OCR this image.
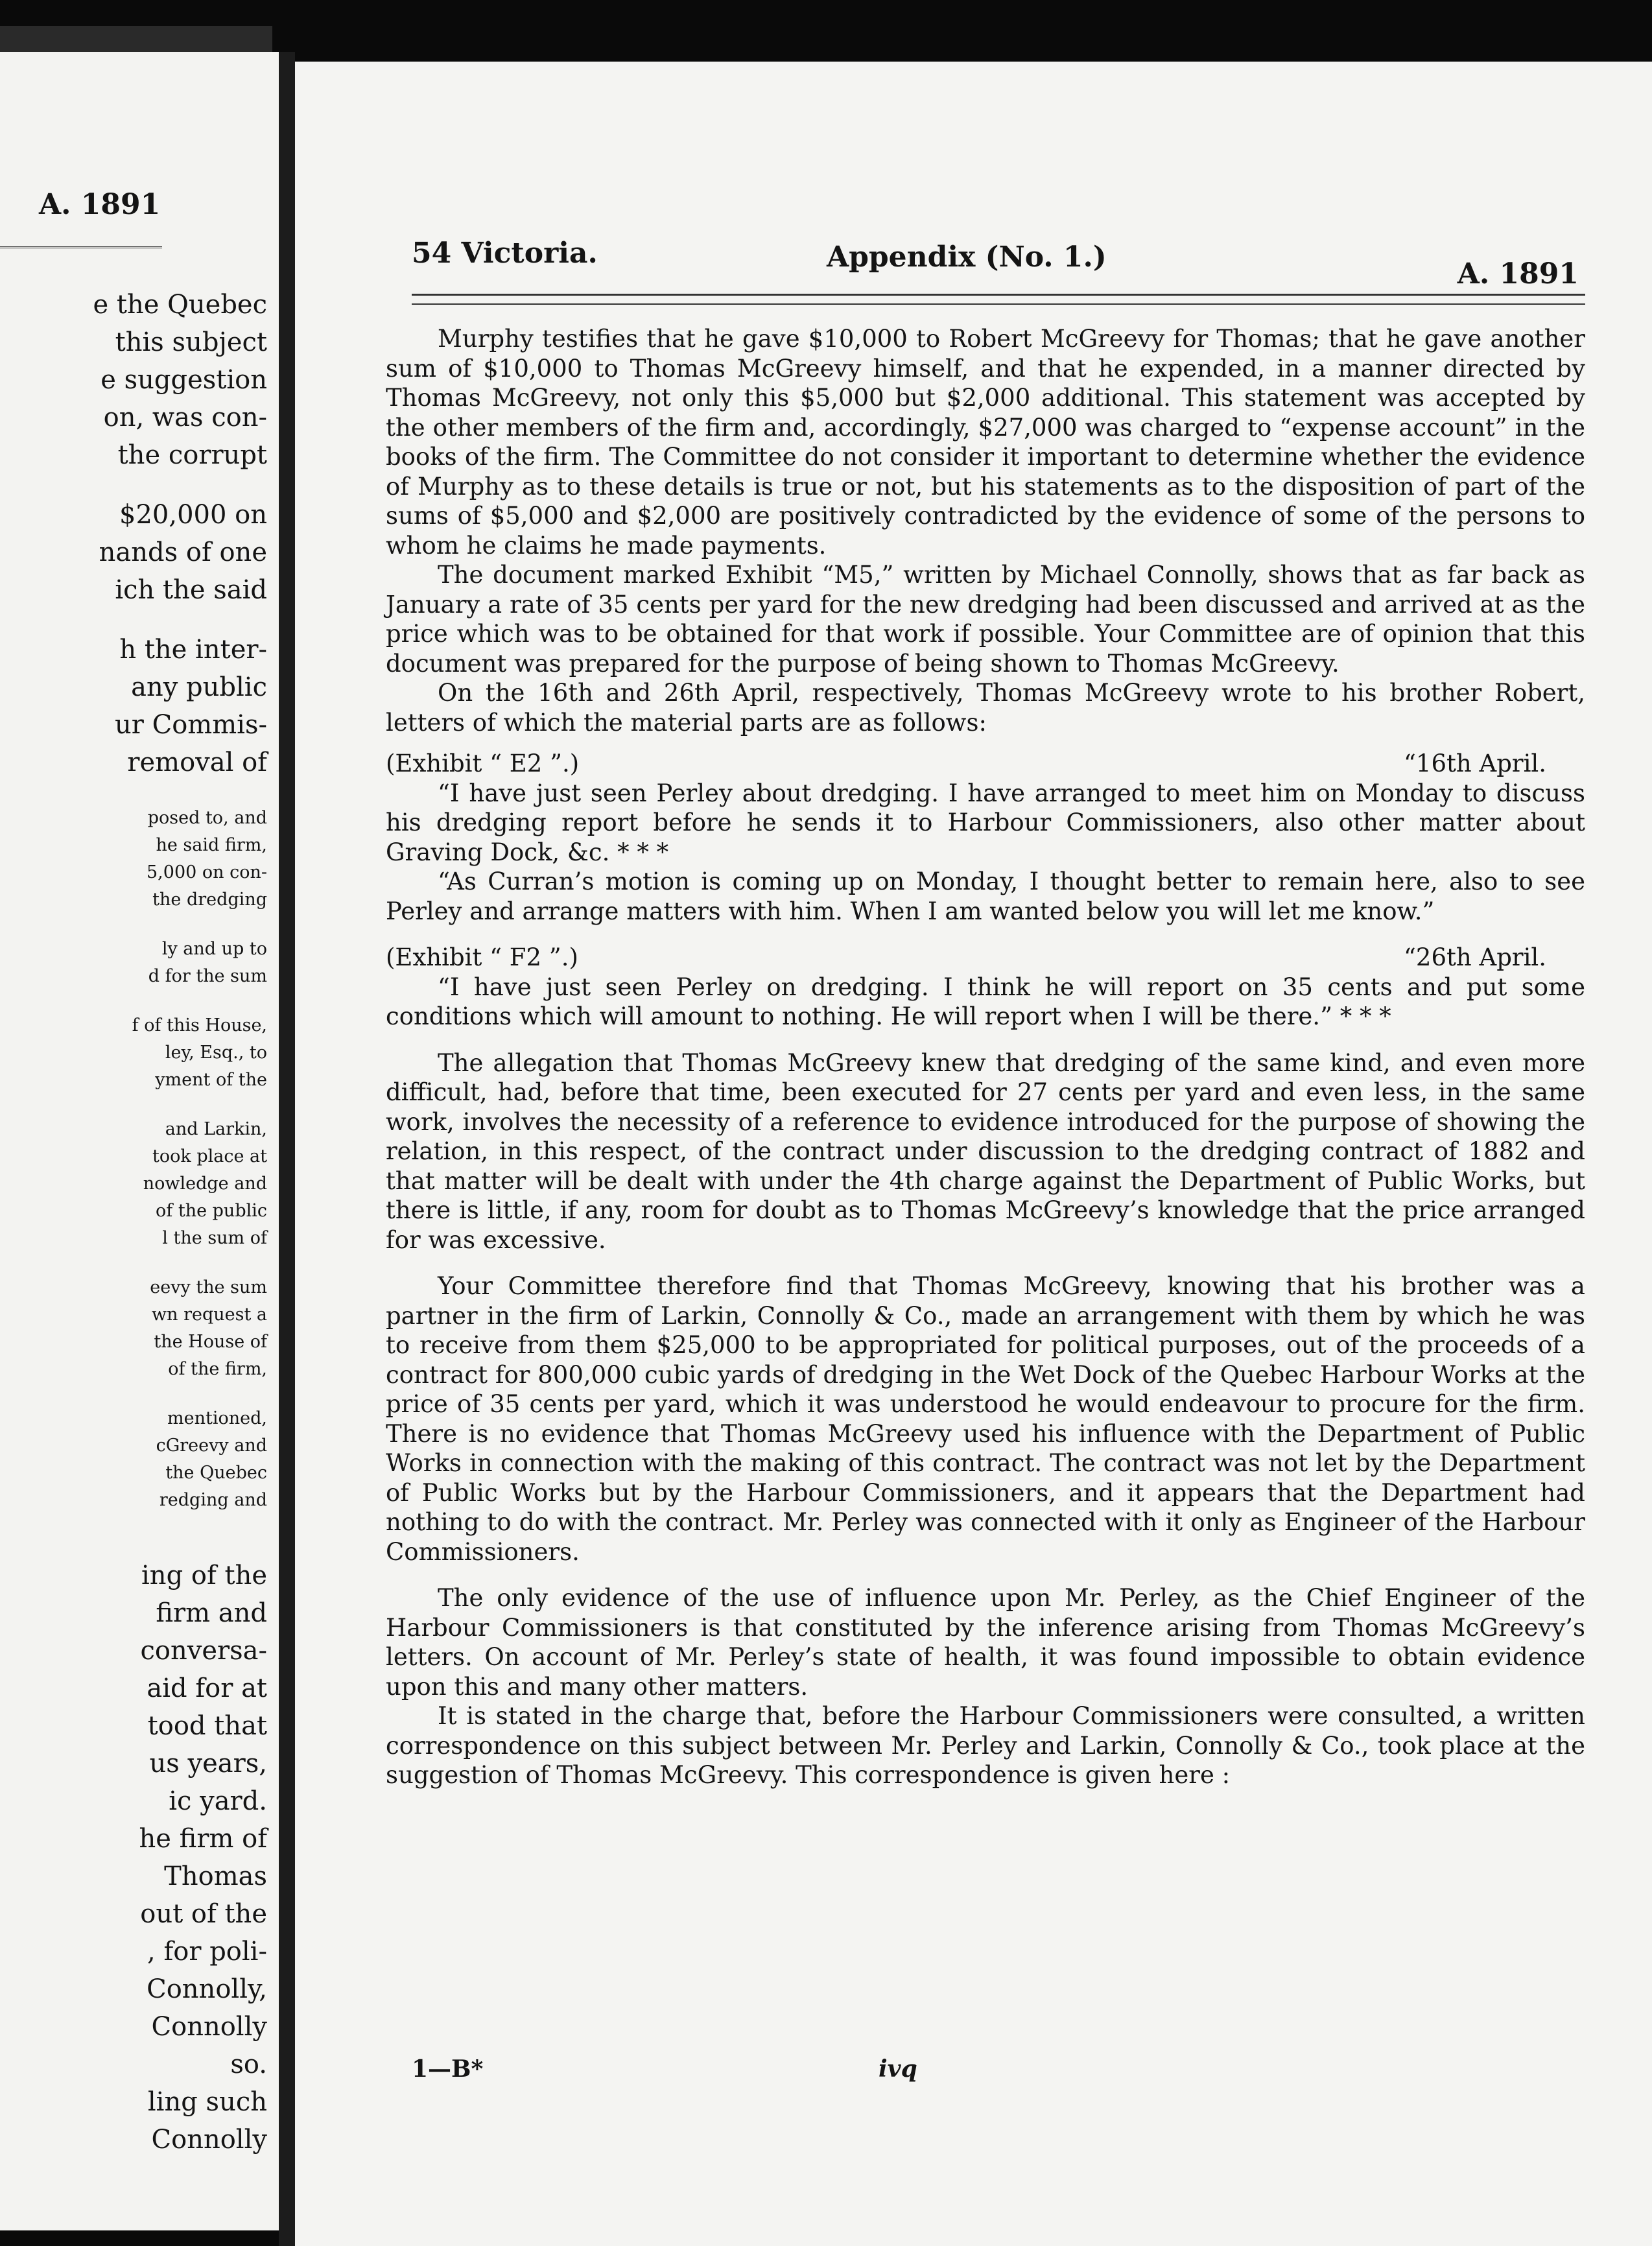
A. 1891
e the Quebec
this subject
e suggestion
on, was con-
the corrupt
$20,000 on
nands of one
ich the said
h the inter-
any public
ur Commis-
removal of
posed to, and
he said firm,
5,000 on con-
the dredging
ly and up to
d for the sum
f of this House,
ley, Esq., to
yment of the
and Larkin,
took place at
nowledge and
of the public
l the sum of
eevy the sum
wn request a
the House of
of the firm,
mentioned,
cGreevy and
the Quebec
redging and
ing of the
firm and
conversa-
aid for at
tood that
us years,
ic yard.
he firm of
Thomas
out of the
, for poli-
Connolly,
Connolly
so.
ling such
Connolly
54 Victoria.	Appendix (No. 1.)
A. 1891

Murphy testifies that he gave $10,000 to Robert McGreevy for Thomas; that he gave another sum of $10,000 to Thomas McGreevy himself, and that he expended, in a manner directed by Thomas McGreevy, not only this $5,000 but $2,000 additional. This statement was accepted by the other members of the firm and, accordingly, $27,000 was charged to “expense account” in the books of the firm. The Committee do not consider it important to determine whether the evidence of Murphy as to these details is true or not, but his statements as to the disposition of part of the sums of $5,000 and $2,000 are positively contradicted by the evidence of some of the persons to whom he claims he made payments.

The document marked Exhibit “M5,” written by Michael Connolly, shows that as far back as January a rate of 35 cents per yard for the new dredging had been discussed and arrived at as the price which was to be obtained for that work if possible. Your Committee are of opinion that this document was prepared for the purpose of being shown to Thomas McGreevy.

On the 16th and 26th April, respectively, Thomas McGreevy wrote to his brother Robert, letters of which the material parts are as follows:

(Exhibit “ E2 ”.)	“16th April.

“I have just seen Perley about dredging. I have arranged to meet him on Monday to discuss his dredging report before he sends it to Harbour Commissioners, also other matter about Graving Dock, &c. * * *

“As Curran’s motion is coming up on Monday, I thought better to remain here, also to see Perley and arrange matters with him. When I am wanted below you will let me know.”

(Exhibit “ F2 ”.)	“26th April.

“I have just seen Perley on dredging. I think he will report on 35 cents and put some conditions which will amount to nothing. He will report when I will be there.” * * *

The allegation that Thomas McGreevy knew that dredging of the same kind, and even more difficult, had, before that time, been executed for 27 cents per yard and even less, in the same work, involves the necessity of a reference to evidence introduced for the purpose of showing the relation, in this respect, of the contract under discussion to the dredging contract of 1882 and that matter will be dealt with under the 4th charge against the Department of Public Works, but there is little, if any, room for doubt as to Thomas McGreevy’s knowledge that the price arranged for was excessive.

Your Committee therefore find that Thomas McGreevy, knowing that his brother was a partner in the firm of Larkin, Connolly & Co., made an arrangement with them by which he was to receive from them $25,000 to be appropriated for political purposes, out of the proceeds of a contract for 800,000 cubic yards of dredging in the Wet Dock of the Quebec Harbour Works at the price of 35 cents per yard, which it was understood he would endeavour to procure for the firm. There is no evidence that Thomas McGreevy used his influence with the Department of Public Works in connection with the making of this contract. The contract was not let by the Department of Public Works but by the Harbour Commissioners, and it appears that the Department had nothing to do with the contract. Mr. Perley was connected with it only as Engineer of the Harbour Commissioners.

The only evidence of the use of influence upon Mr. Perley, as the Chief Engineer of the Harbour Commissioners is that constituted by the inference arising from Thomas McGreevy’s letters. On account of Mr. Perley’s state of health, it was found impossible to obtain evidence upon this and many other matters.

It is stated in the charge that, before the Harbour Commissioners were consulted, a written correspondence on this subject between Mr. Perley and Larkin, Connolly & Co., took place at the suggestion of Thomas McGreevy. This correspondence is given here :

1—B*	ivq
